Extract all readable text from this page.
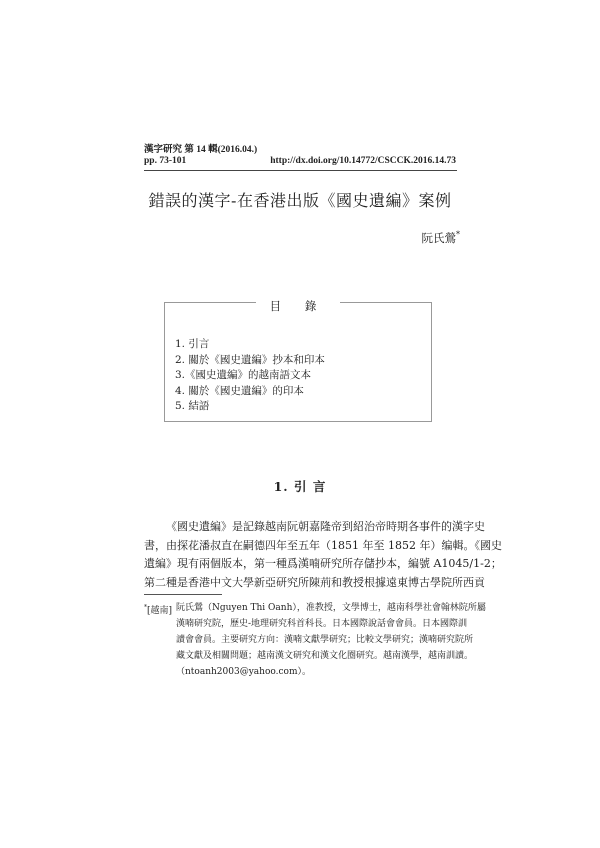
漢字研究 第 14 輯(2016.04.)
pp. 73-101	http://dx.doi.org/10.14772/CSCCK.2016.14.73
錯誤的漢字-在香港出版《國史遺編》案例
阮氏鶯*
目 錄
1. 引言
2. 關於《國史遺編》抄本和印本
3.《國史遺編》的越南語文本
4. 關於《國史遺編》的印本
5. 結語
1. 引 言

《國史遺編》是記錄越南阮朝嘉隆帝到紹治帝時期各事件的漢字史
書，由探花潘叔直在嗣德四年至五年（1851 年至 1852 年）编輯。《國史
遺編》現有兩個版本，第一種爲漢喃研究所存儲抄本，編號 A1045/1-2；
第二種是香港中文大學新亞研究所陳荊和教授根據遠東博古學院所西貢

*[越南] 阮氏鶯（Nguyen Thi Oanh），准教授，文學博士，越南科學社會翰林院所屬
漢喃研究院，歷史-地理研究科首科長。日本國際說話會會員。日本國際訓
讀會會員。主要研究方向：漢喃文獻學研究；比較文學研究；漢喃研究院所
藏文獻及相關問題；越南漢文研究和漢文化圈研究。越南漢學，越南訓讀。
（ntoanh2003@yahoo.com）。
